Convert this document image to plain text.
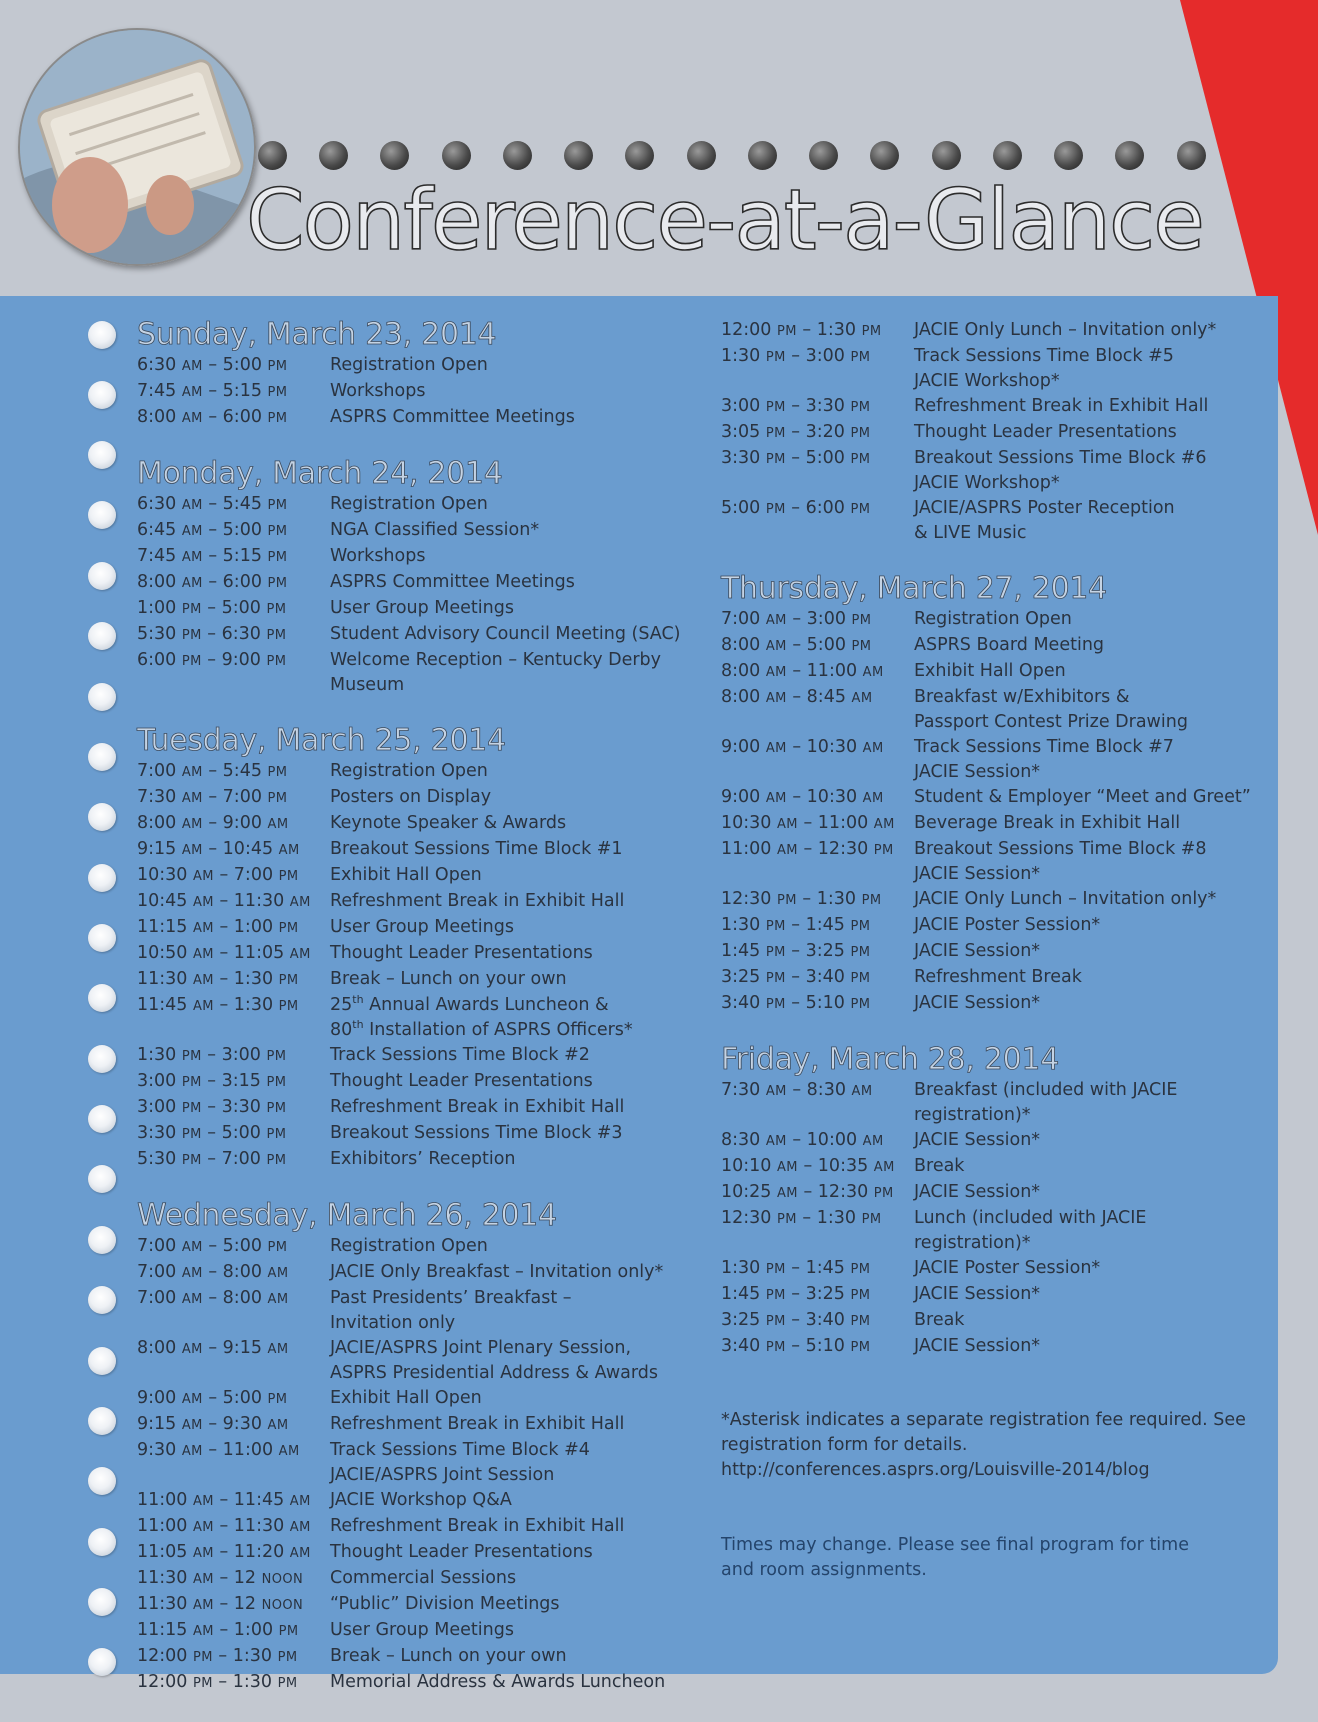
Conference-at-a-Glance
Sunday, March 23, 2014
6:30 AM – 5:00 PM	Registration Open
7:45 AM – 5:15 PM	Workshops
8:00 AM – 6:00 PM	ASPRS Committee Meetings
Monday, March 24, 2014
6:30 AM – 5:45 PM	Registration Open
6:45 AM – 5:00 PM	NGA Classified Session*
7:45 AM – 5:15 PM	Workshops
8:00 AM – 6:00 PM	ASPRS Committee Meetings
1:00 PM – 5:00 PM	User Group Meetings
5:30 PM – 6:30 PM	Student Advisory Council Meeting (SAC)
6:00 PM – 9:00 PM	Welcome Reception – Kentucky Derby
Museum
Tuesday, March 25, 2014
7:00 AM – 5:45 PM	Registration Open
7:30 AM – 7:00 PM	Posters on Display
8:00 AM – 9:00 AM	Keynote Speaker & Awards
9:15 AM – 10:45 AM	Breakout Sessions Time Block #1
10:30 AM – 7:00 PM	Exhibit Hall Open
10:45 AM – 11:30 AM	Refreshment Break in Exhibit Hall
11:15 AM – 1:00 PM	User Group Meetings
10:50 AM – 11:05 AM	Thought Leader Presentations
11:30 AM – 1:30 PM	Break – Lunch on your own
11:45 AM – 1:30 PM	25th Annual Awards Luncheon &
80th Installation of ASPRS Officers*
1:30 PM – 3:00 PM	Track Sessions Time Block #2
3:00 PM – 3:15 PM	Thought Leader Presentations
3:00 PM – 3:30 PM	Refreshment Break in Exhibit Hall
3:30 PM – 5:00 PM	Breakout Sessions Time Block #3
5:30 PM – 7:00 PM	Exhibitors’ Reception
Wednesday, March 26, 2014
7:00 AM – 5:00 PM	Registration Open
7:00 AM – 8:00 AM	JACIE Only Breakfast – Invitation only*
7:00 AM – 8:00 AM	Past Presidents’ Breakfast –
Invitation only
8:00 AM – 9:15 AM	JACIE/ASPRS Joint Plenary Session,
ASPRS Presidential Address & Awards
9:00 AM – 5:00 PM	Exhibit Hall Open
9:15 AM – 9:30 AM	Refreshment Break in Exhibit Hall
9:30 AM – 11:00 AM	Track Sessions Time Block #4
JACIE/ASPRS Joint Session
11:00 AM – 11:45 AM	JACIE Workshop Q&A
11:00 AM – 11:30 AM	Refreshment Break in Exhibit Hall
11:05 AM – 11:20 AM	Thought Leader Presentations
11:30 AM – 12 NOON	Commercial Sessions
11:30 AM – 12 NOON	“Public” Division Meetings
11:15 AM – 1:00 PM	User Group Meetings
12:00 PM – 1:30 PM	Break – Lunch on your own
12:00 PM – 1:30 PM	Memorial Address & Awards Luncheon
12:00 PM – 1:30 PM	JACIE Only Lunch – Invitation only*
1:30 PM – 3:00 PM	Track Sessions Time Block #5
JACIE Workshop*
3:00 PM – 3:30 PM	Refreshment Break in Exhibit Hall
3:05 PM – 3:20 PM	Thought Leader Presentations
3:30 PM – 5:00 PM	Breakout Sessions Time Block #6
JACIE Workshop*
5:00 PM – 6:00 PM	JACIE/ASPRS Poster Reception
& LIVE Music
Thursday, March 27, 2014
7:00 AM – 3:00 PM	Registration Open
8:00 AM – 5:00 PM	ASPRS Board Meeting
8:00 AM – 11:00 AM	Exhibit Hall Open
8:00 AM – 8:45 AM	Breakfast w/Exhibitors &
Passport Contest Prize Drawing
9:00 AM – 10:30 AM	Track Sessions Time Block #7
JACIE Session*
9:00 AM – 10:30 AM	Student & Employer “Meet and Greet”
10:30 AM – 11:00 AM	Beverage Break in Exhibit Hall
11:00 AM – 12:30 PM	Breakout Sessions Time Block #8
JACIE Session*
12:30 PM – 1:30 PM	JACIE Only Lunch – Invitation only*
1:30 PM – 1:45 PM	JACIE Poster Session*
1:45 PM – 3:25 PM	JACIE Session*
3:25 PM – 3:40 PM	Refreshment Break
3:40 PM – 5:10 PM	JACIE Session*
Friday, March 28, 2014
7:30 AM – 8:30 AM	Breakfast (included with JACIE
registration)*
8:30 AM – 10:00 AM	JACIE Session*
10:10 AM – 10:35 AM	Break
10:25 AM – 12:30 PM	JACIE Session*
12:30 PM – 1:30 PM	Lunch (included with JACIE
registration)*
1:30 PM – 1:45 PM	JACIE Poster Session*
1:45 PM – 3:25 PM	JACIE Session*
3:25 PM – 3:40 PM	Break
3:40 PM – 5:10 PM	JACIE Session*
*Asterisk indicates a separate registration fee required. See
registration form for details.
http://conferences.asprs.org/Louisville-2014/blog
Times may change. Please see final program for time
and room assignments.
